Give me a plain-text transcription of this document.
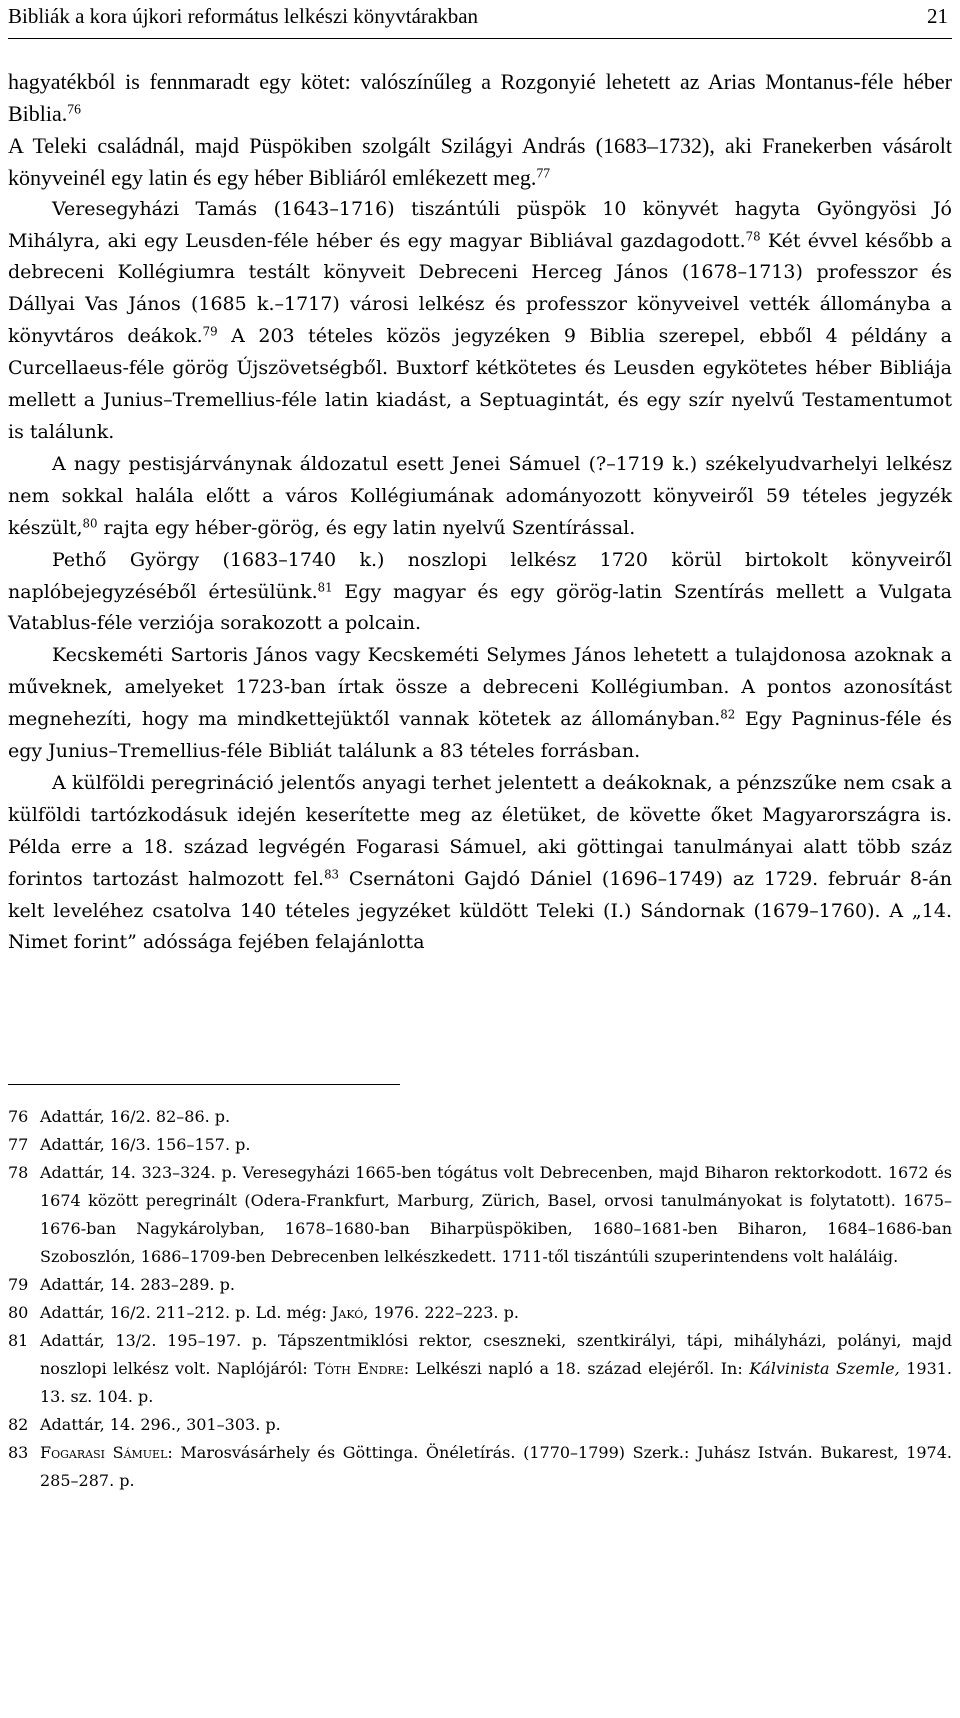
Bibliák a kora újkori református lelkészi könyvtárakban	21

hagyatékból is fennmaradt egy kötet: valószínűleg a Rozgonyié lehetett az Arias Montanus-féle héber Biblia.$^{76}$
A Teleki családnál, majd Püspökiben szolgált Szilágyi András (1683–1732), aki Franekerben vásárolt könyveinél egy latin és egy héber Bibliáról emlékezett meg.$^{77}$

Veresegyházi Tamás (1643–1716) tiszántúli püspök 10 könyvét hagyta Gyöngyösi Jó Mihályra, aki egy Leusden-féle héber és egy magyar Bibliával gazdagodott.$^{78}$ Két évvel később a debreceni Kollégiumra testált könyveit Debreceni Herceg János (1678–1713) professzor és Dállyai Vas János (1685 k.–1717) városi lelkész és professzor könyveivel vették állományba a könyvtáros deákok.$^{79}$ A 203 tételes közös jegyzéken 9 Biblia szerepel, ebből 4 példány a Curcellaeus-féle görög Újszövetségből. Buxtorf kétkötetes és Leusden egykötetes héber Bibliája mellett a Junius–Tremellius-féle latin kiadást, a Septuagintát, és egy szír nyelvű Testamentumot is találunk.

A nagy pestisjárványnak áldozatul esett Jenei Sámuel (?–1719 k.) székelyudvarhelyi lelkész nem sokkal halála előtt a város Kollégiumának adományozott könyveiről 59 tételes jegyzék készült,$^{80}$ rajta egy héber-görög, és egy latin nyelvű Szentírással.

Pethő György (1683–1740 k.) noszlopi lelkész 1720 körül birtokolt könyveiről naplóbejegyzéséből értesülünk.$^{81}$ Egy magyar és egy görög-latin Szentírás mellett a Vulgata Vatablus-féle verziója sorakozott a polcain.

Kecskeméti Sartoris János vagy Kecskeméti Selymes János lehetett a tulajdonosa azoknak a műveknek, amelyeket 1723-ban írtak össze a debreceni Kollégiumban. A pontos azonosítást megnehezíti, hogy ma mindkettejüktől vannak kötetek az állományban.$^{82}$ Egy Pagninus-féle és egy Junius–Tremellius-féle Bibliát találunk a 83 tételes forrásban.

A külföldi peregrináció jelentős anyagi terhet jelentett a deákoknak, a pénzszűke nem csak a külföldi tartózkodásuk idején keserítette meg az életüket, de követte őket Magyarországra is. Példa erre a 18. század legvégén Fogarasi Sámuel, aki göttingai tanulmányai alatt több száz forintos tartozást halmozott fel.$^{83}$ Csernátoni Gajdó Dániel (1696–1749) az 1729. február 8-án kelt leveléhez csatolva 140 tételes jegyzéket küldött Teleki (I.) Sándornak (1679–1760). A „14. Nimet forint” adóssága fejében felajánlotta

76 Adattár, 16/2. 82–86. p.

77 Adattár, 16/3. 156–157. p.

78 Adattár, 14. 323–324. p. Veresegyházi 1665-ben tógátus volt Debrecenben, majd Biharon rektorkodott. 1672 és 1674 között peregrinált (Odera-Frankfurt, Marburg, Zürich, Basel, orvosi tanulmányokat is folytatott). 1675–1676-ban Nagykárolyban, 1678–1680-ban Biharpüspökiben, 1680–1681-ben Biharon, 1684–1686-ban Szoboszlón, 1686–1709-ben Debrecenben lelkészkedett. 1711-től tiszántúli szuperintendens volt haláláig.

79 Adattár, 14. 283–289. p.

80 Adattár, 16/2. 211–212. p. Ld. még: Jakó, 1976. 222–223. p.

81 Adattár, 13/2. 195–197. p. Tápszentmiklósi rektor, cseszneki, szentkirályi, tápi, mihályházi, polányi, majd noszlopi lelkész volt. Naplójáról: Tóth Endre: Lelkészi napló a 18. század elejéről. In: Kálvinista Szemle, 1931. 13. sz. 104. p.

82 Adattár, 14. 296., 301–303. p.

83 Fogarasi Sámuel: Marosvásárhely és Göttinga. Önéletírás. (1770–1799) Szerk.: Juhász István. Bukarest, 1974. 285–287. p.
